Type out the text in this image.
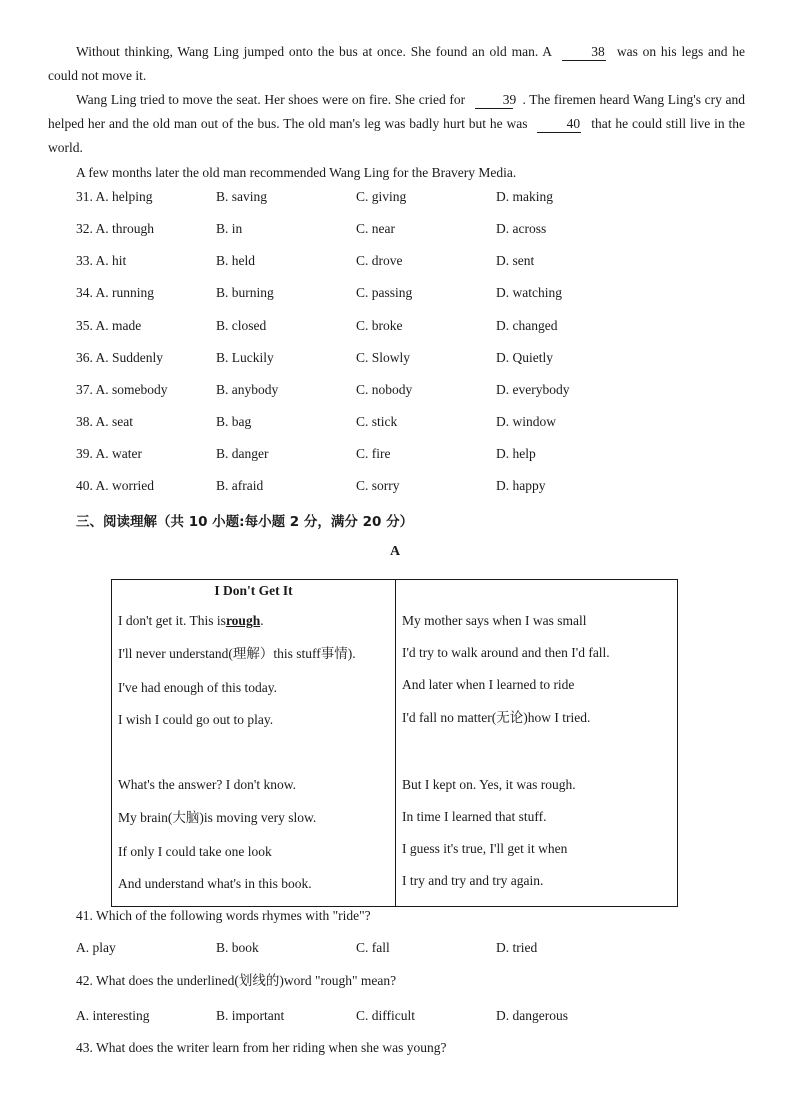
Without thinking, Wang Ling jumped onto the bus at once. She found an old man. A	38 was on his legs and he could not move it.
Wang Ling tried to move the seat. Her shoes were on fire. She cried for	39 . The firemen heard Wang Ling's cry and helped her and the old man out of the bus. The old man's leg was badly hurt but he was	40 that he could still live in the world.
A few months later the old man recommended Wang Ling for the Bravery Media.
31. A. helping	B. saving	C. giving	D. making
32. A. through	B. in	C. near	D. across
33. A. hit	B. held	C. drove	D. sent
34. A. running	B. burning	C. passing	D. watching
35. A. made	B. closed	C. broke	D. changed
36. A. Suddenly	B. Luckily	C. Slowly	D. Quietly
37. A. somebody	B. anybody	C. nobody	D. everybody
38. A. seat	B. bag	C. stick	D. window
39. A. water	B. danger	C. fire	D. help
40. A. worried	B. afraid	C. sorry	D. happy
三、阅读理解（共 10 小题:每小题 2 分，满分 20 分）
A
I Don't Get It
I don't get it. This isrough.
I'll never understand(理解）this stuff事情).
I've had enough of this today.
I wish I could go out to play.
What's the answer? I don't know.
My brain(大脑)is moving very slow.
If only I could take one look
And understand what's in this book.
My mother says when I was small
I'd try to walk around and then I'd fall.
And later when I learned to ride
I'd fall no matter(无论)how I tried.
But I kept on. Yes, it was rough.
In time I learned that stuff.
I guess it's true, I'll get it when
I try and try and try again.
41. Which of the following words rhymes with "ride"?
A. play	B. book	C. fall	D. tried
42. What does the underlined(划线的)word "rough" mean?
A. interesting	B. important	C. difficult	D. dangerous
43. What does the writer learn from her riding when she was young?
